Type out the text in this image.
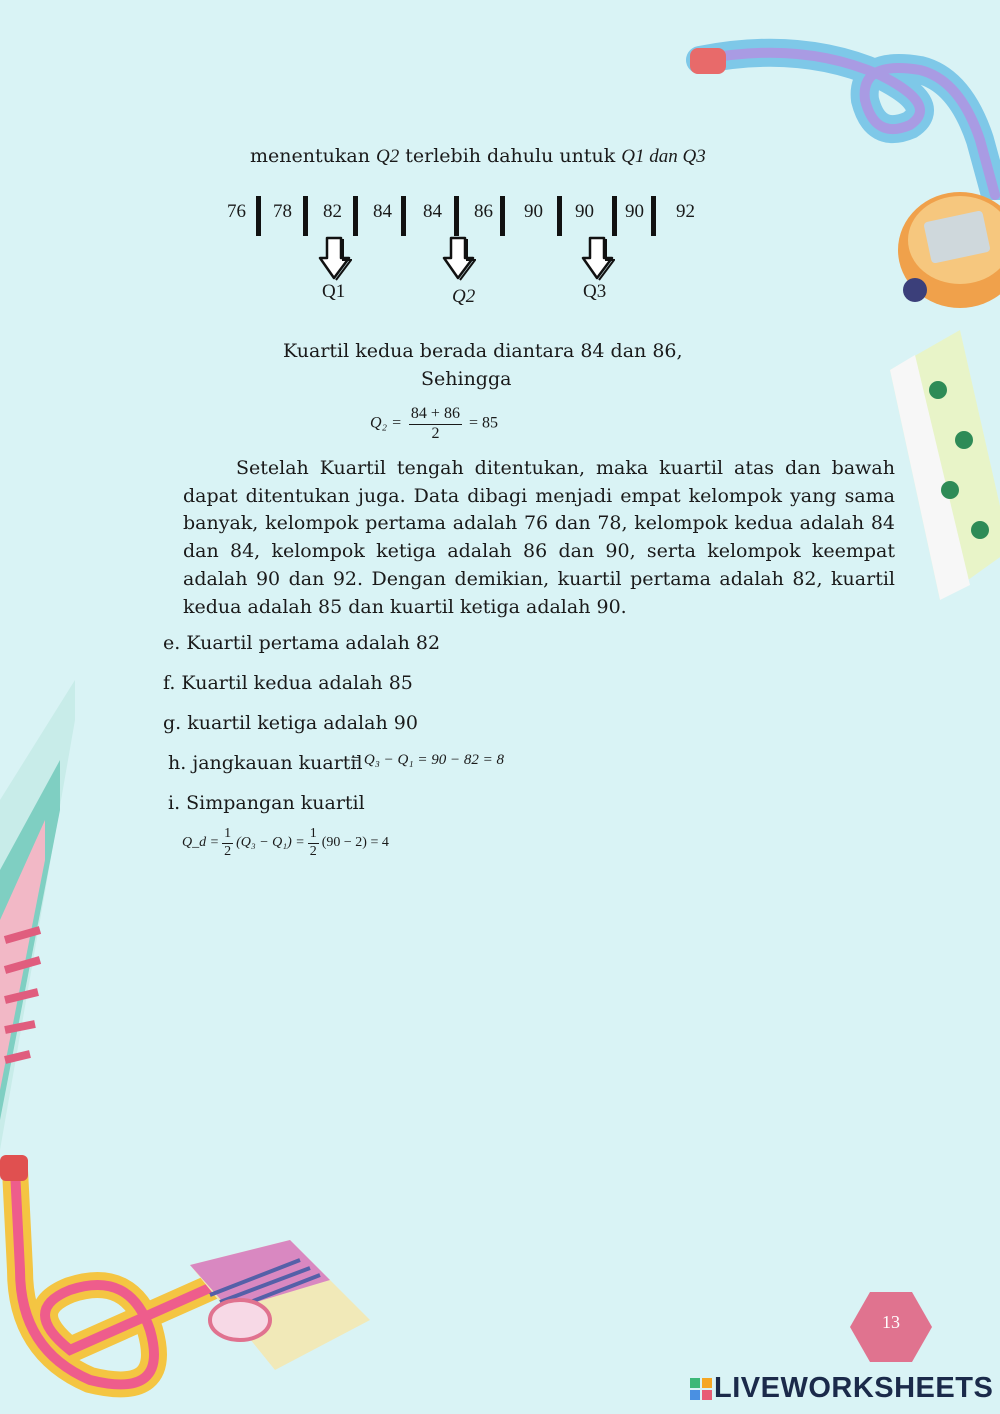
menentukan Q2 terlebih dahulu untuk Q1 dan Q3
76 78 82 84 84 86 90 90 90 92
Q1	Q2	Q3
Kuartil kedua berada diantara 84 dan 86,
Sehingga
$Q_2 = \frac{84 + 86}{2} = 85$
Setelah Kuartil tengah ditentukan, maka kuartil atas dan bawah dapat ditentukan juga. Data dibagi menjadi empat kelompok yang sama banyak, kelompok pertama adalah 76 dan 78, kelompok kedua adalah 84 dan 84, kelompok ketiga adalah 86 dan 90, serta kelompok keempat adalah 90 dan 92. Dengan demikian, kuartil pertama adalah 82, kuartil kedua adalah 85 dan kuartil ketiga adalah 90.
e. Kuartil pertama adalah 82
f. Kuartil kedua adalah 85
g. kuartil ketiga adalah 90
h. jangkauan kuartil
= Q₃ − Q₁ = 90 − 82 = 8
i. Simpangan kuartil
Q_d = $\frac{1}{2} (Q_3 - Q_1) = \frac{1}{2} (90 - 2) = 4$
13
LIVEWORKSHEETS
